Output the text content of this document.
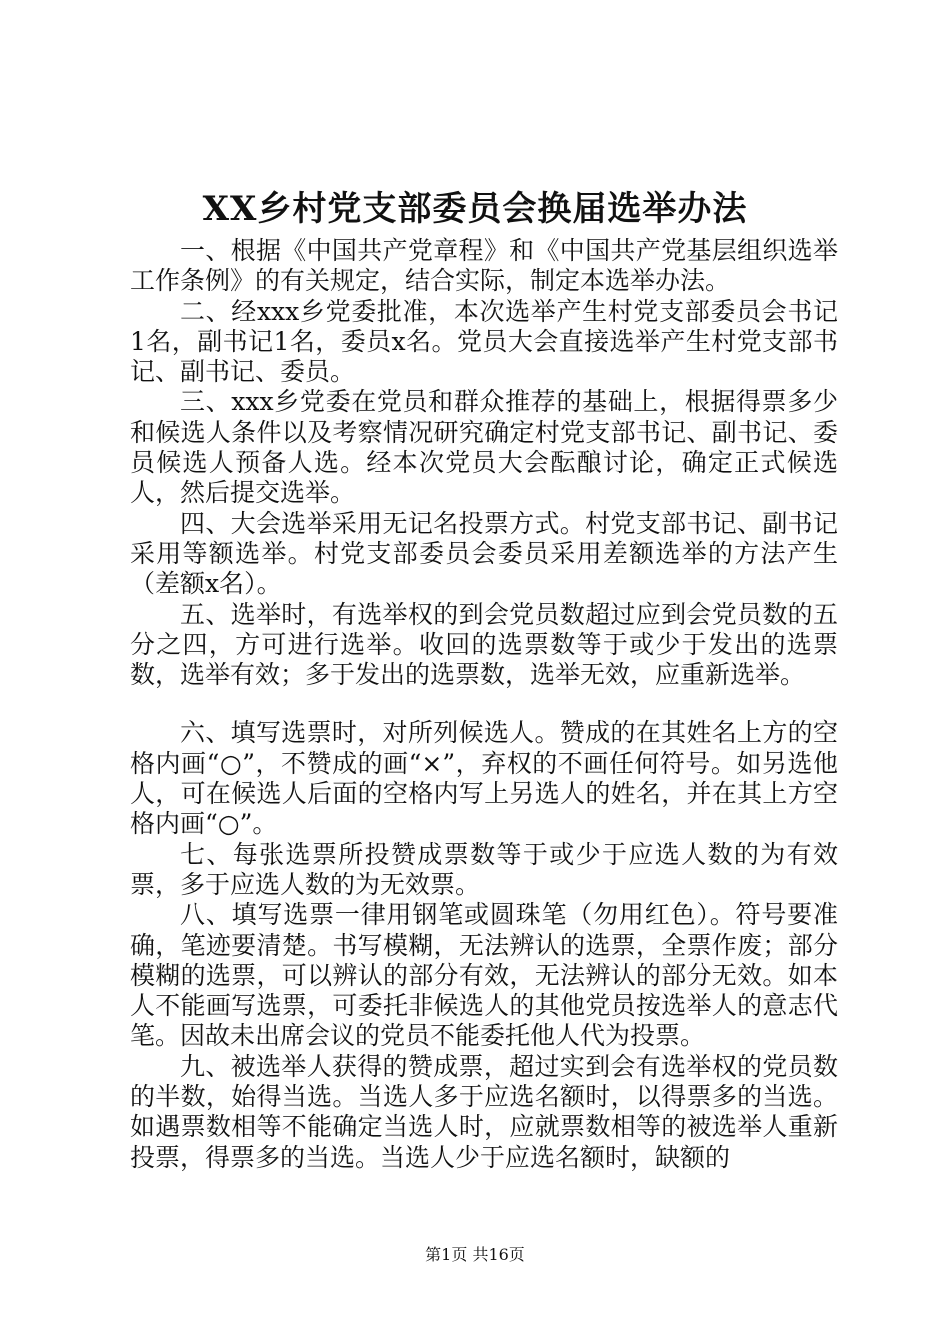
XX乡村党支部委员会换届选举办法

一、根据《中国共产党章程》和《中国共产党基层组织选举工作条例》的有关规定，结合实际，制定本选举办法。

二、经xxx乡党委批准，本次选举产生村党支部委员会书记1名，副书记1名，委员x名。党员大会直接选举产生村党支部书记、副书记、委员。

三、xxx乡党委在党员和群众推荐的基础上，根据得票多少和候选人条件以及考察情况研究确定村党支部书记、副书记、委员候选人预备人选。经本次党员大会酝酿讨论，确定正式候选人，然后提交选举。

四、大会选举采用无记名投票方式。村党支部书记、副书记采用等额选举。村党支部委员会委员采用差额选举的方法产生（差额x名）。

五、选举时，有选举权的到会党员数超过应到会党员数的五分之四，方可进行选举。收回的选票数等于或少于发出的选票数，选举有效；多于发出的选票数，选举无效，应重新选举。

六、填写选票时，对所列候选人。赞成的在其姓名上方的空格内画“○”，不赞成的画“×”，弃权的不画任何符号。如另选他人，可在候选人后面的空格内写上另选人的姓名，并在其上方空格内画“○”。

七、每张选票所投赞成票数等于或少于应选人数的为有效票，多于应选人数的为无效票。

八、填写选票一律用钢笔或圆珠笔（勿用红色）。符号要准确，笔迹要清楚。书写模糊，无法辨认的选票，全票作废；部分模糊的选票，可以辨认的部分有效，无法辨认的部分无效。如本人不能画写选票，可委托非候选人的其他党员按选举人的意志代笔。因故未出席会议的党员不能委托他人代为投票。

九、被选举人获得的赞成票，超过实到会有选举权的党员数的半数，始得当选。当选人多于应选名额时，以得票多的当选。如遇票数相等不能确定当选人时，应就票数相等的被选举人重新投票，得票多的当选。当选人少于应选名额时，缺额的

第1页 共16页
